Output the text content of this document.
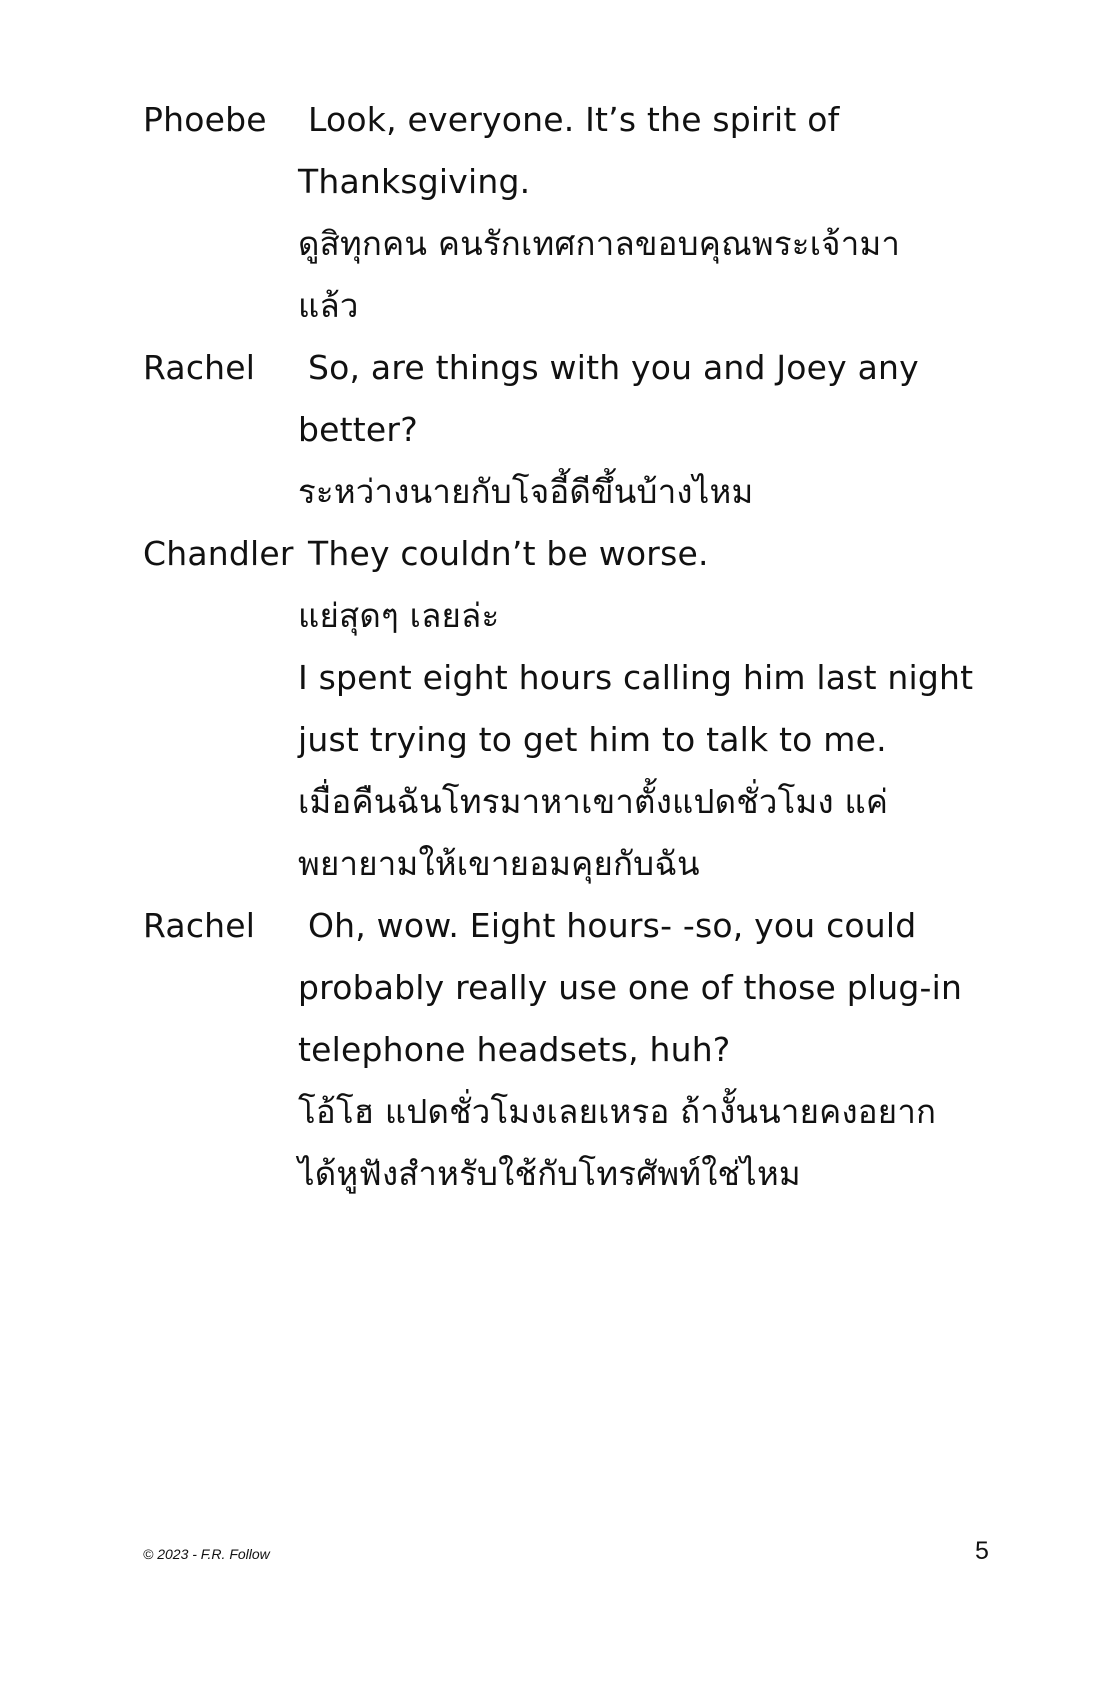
Phoebe Look, everyone. It’s the spirit of
Thanksgiving.
ดูสิทุกคน คนรักเทศกาลขอบคุณพระเจ้ามา
แล้ว
Rachel So, are things with you and Joey any
better?
ระหว่างนายกับโจอี้ดีขึ้นบ้างไหม
Chandler They couldn’t be worse.
แย่สุดๆ เลยล่ะ
I spent eight hours calling him last night
just trying to get him to talk to me.
เมื่อคืนฉันโทรมาหาเขาตั้งแปดชั่วโมง แค่
พยายามให้เขายอมคุยกับฉัน
Rachel Oh, wow. Eight hours- -so, you could
probably really use one of those plug-in
telephone headsets, huh?
โอ้โฮ แปดชั่วโมงเลยเหรอ ถ้างั้นนายคงอยาก
ได้หูฟังสำหรับใช้กับโทรศัพท์ใช่ไหม
© 2023 - F.R. Follow	5
